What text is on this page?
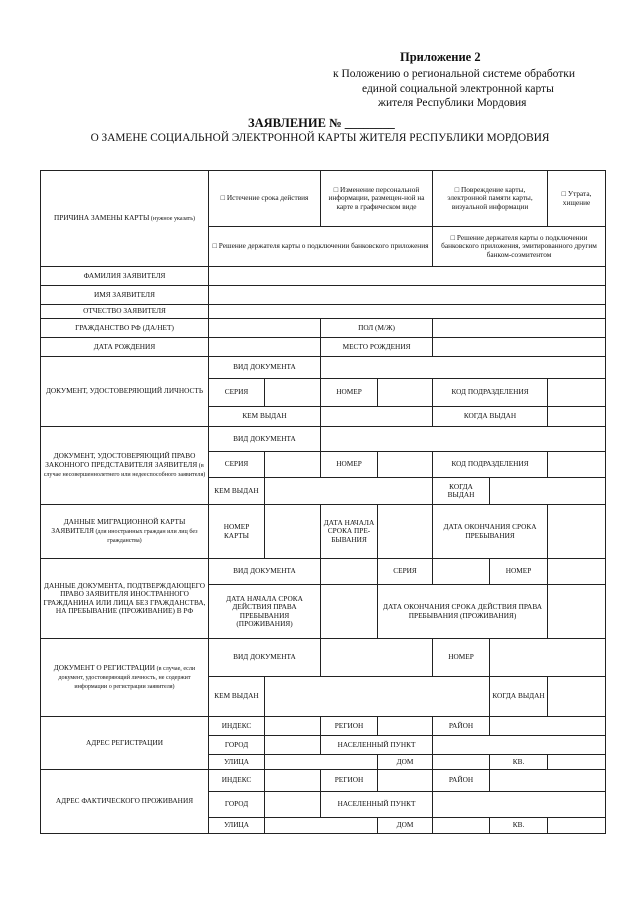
Приложение 2
к Положению о региональной системе обработки
единой социальной электронной карты
жителя Республики Мордовия
ЗАЯВЛЕНИЕ № ________
О ЗАМЕНЕ СОЦИАЛЬНОЙ ЭЛЕКТРОННОЙ КАРТЫ ЖИТЕЛЯ РЕСПУБЛИКИ МОРДОВИЯ
ПРИЧИНА ЗАМЕНЫ КАРТЫ (нужное указать)	□ Истечение срока действия		□ Изменение персональной информации, размещен-ной на карте в графическом виде		□ Повреждение карты, электронной памяти карты, визуальной информации		□ Утрата, хищение
	□ Решение держателя карты о подключении банковского приложения				□ Решение держателя карты о подключении банковского приложения, эмитированного другим банком-соэмитентом		
ФАМИЛИЯ ЗАЯВИТЕЛЯ							
ИМЯ ЗАЯВИТЕЛЯ							
ОТЧЕСТВО ЗАЯВИТЕЛЯ							
ГРАЖДАНСТВО РФ (ДА/НЕТ)			ПОЛ (М/Ж)				
ДАТА РОЖДЕНИЯ			МЕСТО РОЖДЕНИЯ				
ДОКУМЕНТ, УДОСТОВЕРЯЮЩИЙ ЛИЧНОСТЬ	ВИД ДОКУМЕНТА						
	СЕРИЯ		НОМЕР		КОД ПОДРАЗДЕЛЕНИЯ		
	КЕМ ВЫДАН				КОГДА ВЫДАН		
ДОКУМЕНТ, УДОСТОВЕРЯЮЩИЙ ПРАВО ЗАКОННОГО ПРЕДСТАВИТЕЛЯ ЗАЯВИТЕЛЯ (в случае несовершеннолетнего или недееспособного заявителя)	ВИД ДОКУМЕНТА						
	СЕРИЯ		НОМЕР		КОД ПОДРАЗДЕЛЕНИЯ		
	КЕМ ВЫДАН				КОГДА ВЫДАН		
ДАННЫЕ МИГРАЦИОННОЙ КАРТЫ ЗАЯВИТЕЛЯ (для иностранных граждан или лиц без гражданства)	НОМЕР КАРТЫ		ДАТА НАЧАЛА СРОКА ПРЕ-БЫВАНИЯ		ДАТА ОКОНЧАНИЯ СРОКА ПРЕБЫВАНИЯ		
ДАННЫЕ ДОКУМЕНТА, ПОДТВЕРЖДАЮЩЕГО ПРАВО ЗАЯВИТЕЛЯ ИНОСТРАННОГО ГРАЖДАНИНА ИЛИ ЛИЦА БЕЗ ГРАЖДАНСТВА, НА ПРЕБЫВАНИЕ (ПРОЖИВАНИЕ) В РФ	ВИД ДОКУМЕНТА			СЕРИЯ		НОМЕР	
	ДАТА НАЧАЛА СРОКА ДЕЙСТВИЯ ПРАВА ПРЕБЫВАНИЯ (ПРОЖИВАНИЯ)			ДАТА ОКОНЧАНИЯ СРОКА ДЕЙСТВИЯ ПРАВА ПРЕБЫВАНИЯ (ПРОЖИВАНИЯ)			
ДОКУМЕНТ О РЕГИСТРАЦИИ (в случае, если документ, удостоверяющий личность, не содержит информации о регистрации заявителя)	ВИД ДОКУМЕНТА				НОМЕР		
	КЕМ ВЫДАН					КОГДА ВЫДАН	
АДРЕС РЕГИСТРАЦИИ	ИНДЕКС		РЕГИОН		РАЙОН		
	ГОРОД		НАСЕЛЕННЫЙ ПУНКТ				
	УЛИЦА			ДОМ		КВ.	
АДРЕС ФАКТИЧЕСКОГО ПРОЖИВАНИЯ	ИНДЕКС		РЕГИОН		РАЙОН		
	ГОРОД		НАСЕЛЕННЫЙ ПУНКТ				
	УЛИЦА			ДОМ		КВ.	
